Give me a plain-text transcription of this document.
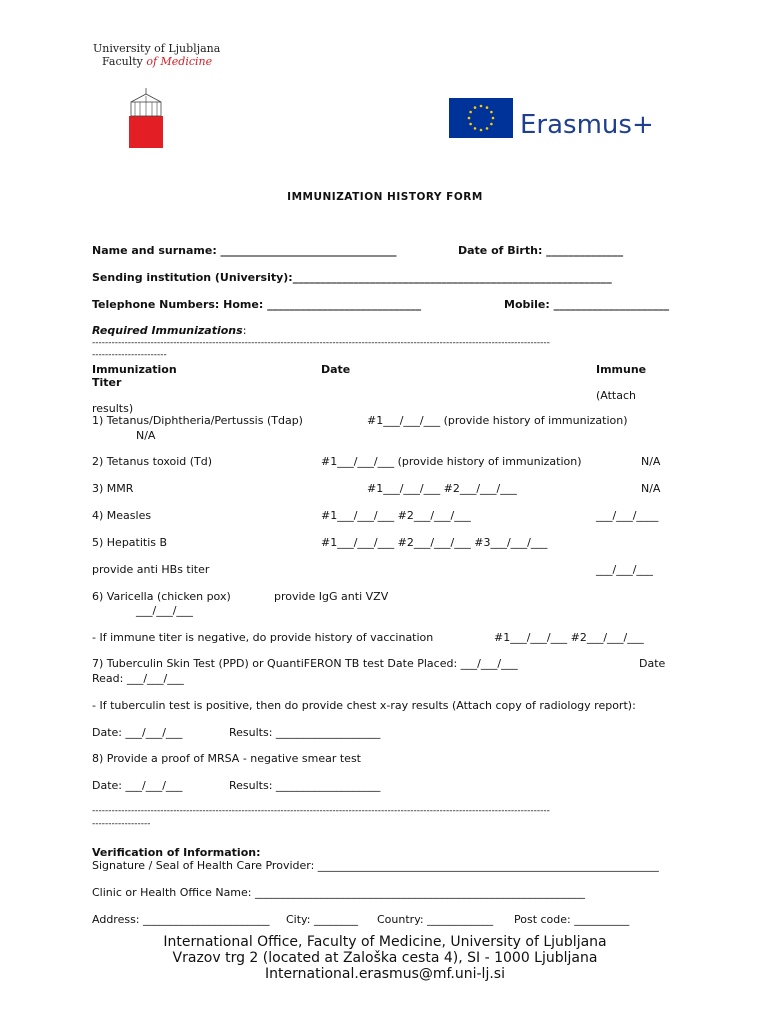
University of Ljubljana
Faculty of Medicine
Erasmus+
IMMUNIZATION HISTORY FORM
Name and surname: ________________________________	Date of Birth: ______________
Sending institution (University):__________________________________________________________
Telephone Numbers: Home: ____________________________	Mobile: _____________________
Required Immunizations:
---------------------------------------------------------------------------------------------------------------------------------------------
-----------------------
Immunization	Date	Immune
Titer
(Attach
results)
1) Tetanus/Diphtheria/Pertussis (Tdap)	#1___/___/___ (provide history of immunization)
N/A
2) Tetanus toxoid (Td)	#1___/___/___ (provide history of immunization)	N/A
3) MMR	#1___/___/___ #2___/___/___	N/A
4) Measles	#1___/___/___ #2___/___/___	___/___/____
5) Hepatitis B	#1___/___/___ #2___/___/___ #3___/___/___
provide anti HBs titer	___/___/___
6) Varicella (chicken pox)	provide IgG anti VZV
___/___/___
- If immune titer is negative, do provide history of vaccination	#1___/___/___ #2___/___/___
7) Tuberculin Skin Test (PPD) or QuantiFERON TB test Date Placed: ___/___/___	Date
Read: ___/___/___
- If tuberculin test is positive, then do provide chest x-ray results (Attach copy of radiology report):
Date: ___/___/___	Results: ___________________
8) Provide a proof of MRSA - negative smear test
Date: ___/___/___	Results: ___________________
---------------------------------------------------------------------------------------------------------------------------------------------
------------------
Verification of Information:
Signature / Seal of Health Care Provider: ______________________________________________________________
Clinic or Health Office Name: ____________________________________________________________
Address: _______________________ City: ________ Country: ____________ Post code: __________
International Office, Faculty of Medicine, University of Ljubljana
Vrazov trg 2 (located at Zaloška cesta 4), SI - 1000 Ljubljana
International.erasmus@mf.uni-lj.si
